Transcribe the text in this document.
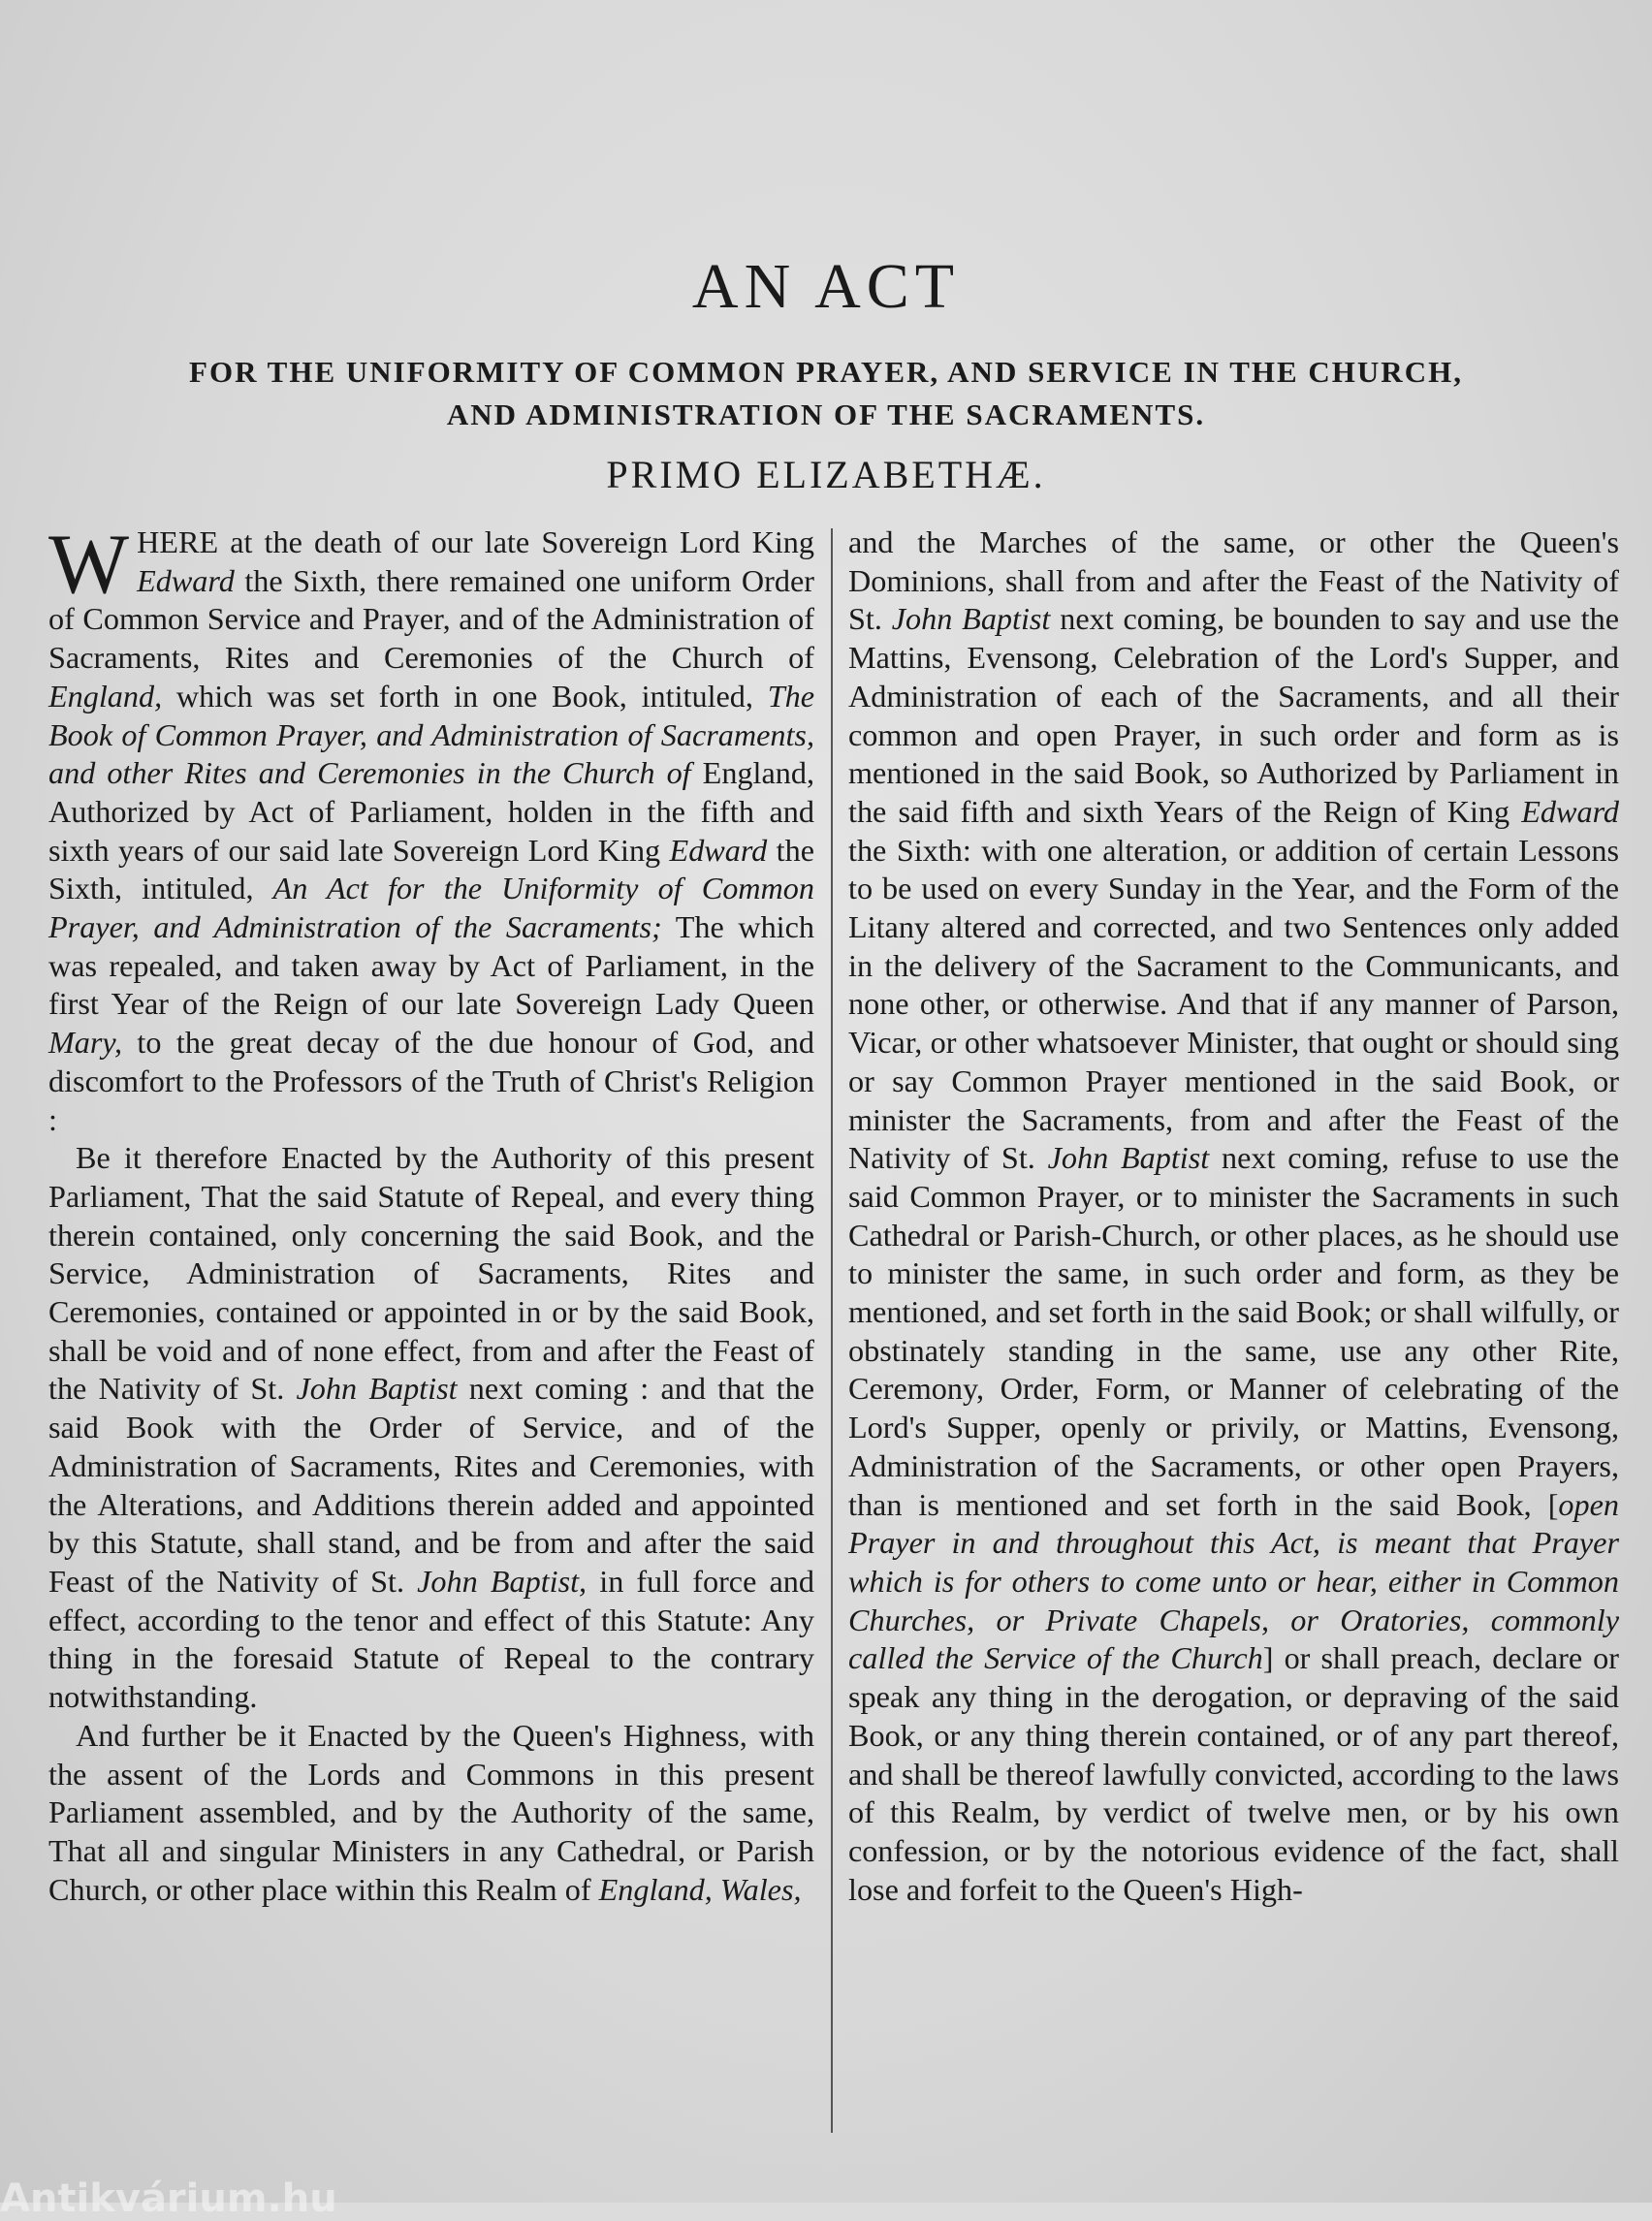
AN ACT
FOR THE UNIFORMITY OF COMMON PRAYER, AND SERVICE IN THE CHURCH,
AND ADMINISTRATION OF THE SACRAMENTS.
PRIMO ELIZABETHÆ.

WHERE at the death of our late Sovereign Lord King Edward the Sixth, there remained one uniform Order of Common Service and Prayer, and of the Administration of Sacraments, Rites and Ceremonies of the Church of England, which was set forth in one Book, intituled, The Book of Common Prayer, and Administration of Sacraments, and other Rites and Ceremonies in the Church of England, Authorized by Act of Parliament, holden in the fifth and sixth years of our said late Sovereign Lord King Edward the Sixth, intituled, An Act for the Uniformity of Common Prayer, and Administration of the Sacraments; The which was repealed, and taken away by Act of Parliament, in the first Year of the Reign of our late Sovereign Lady Queen Mary, to the great decay of the due honour of God, and discomfort to the Professors of the Truth of Christ's Religion :

Be it therefore Enacted by the Authority of this present Parliament, That the said Statute of Repeal, and every thing therein contained, only concerning the said Book, and the Service, Administration of Sacraments, Rites and Ceremonies, contained or appointed in or by the said Book, shall be void and of none effect, from and after the Feast of the Nativity of St. John Baptist next coming : and that the said Book with the Order of Service, and of the Administration of Sacraments, Rites and Ceremonies, with the Alterations, and Additions therein added and appointed by this Statute, shall stand, and be from and after the said Feast of the Nativity of St. John Baptist, in full force and effect, according to the tenor and effect of this Statute: Any thing in the foresaid Statute of Repeal to the contrary notwithstanding.

And further be it Enacted by the Queen's Highness, with the assent of the Lords and Commons in this present Parliament assembled, and by the Authority of the same, That all and singular Ministers in any Cathedral, or Parish Church, or other place within this Realm of England, Wales,

and the Marches of the same, or other the Queen's Dominions, shall from and after the Feast of the Nativity of St. John Baptist next coming, be bounden to say and use the Mattins, Evensong, Celebration of the Lord's Supper, and Administration of each of the Sacraments, and all their common and open Prayer, in such order and form as is mentioned in the said Book, so Authorized by Parliament in the said fifth and sixth Years of the Reign of King Edward the Sixth: with one alteration, or addition of certain Lessons to be used on every Sunday in the Year, and the Form of the Litany altered and corrected, and two Sentences only added in the delivery of the Sacrament to the Communicants, and none other, or otherwise. And that if any manner of Parson, Vicar, or other whatsoever Minister, that ought or should sing or say Common Prayer mentioned in the said Book, or minister the Sacraments, from and after the Feast of the Nativity of St. John Baptist next coming, refuse to use the said Common Prayer, or to minister the Sacraments in such Cathedral or Parish-Church, or other places, as he should use to minister the same, in such order and form, as they be mentioned, and set forth in the said Book; or shall wilfully, or obstinately standing in the same, use any other Rite, Ceremony, Order, Form, or Manner of celebrating of the Lord's Supper, openly or privily, or Mattins, Evensong, Administration of the Sacraments, or other open Prayers, than is mentioned and set forth in the said Book, [open Prayer in and throughout this Act, is meant that Prayer which is for others to come unto or hear, either in Common Churches, or Private Chapels, or Oratories, commonly called the Service of the Church] or shall preach, declare or speak any thing in the derogation, or depraving of the said Book, or any thing therein contained, or of any part thereof, and shall be thereof lawfully convicted, according to the laws of this Realm, by verdict of twelve men, or by his own confession, or by the notorious evidence of the fact, shall lose and forfeit to the Queen's High-

Antikvárium.hu
